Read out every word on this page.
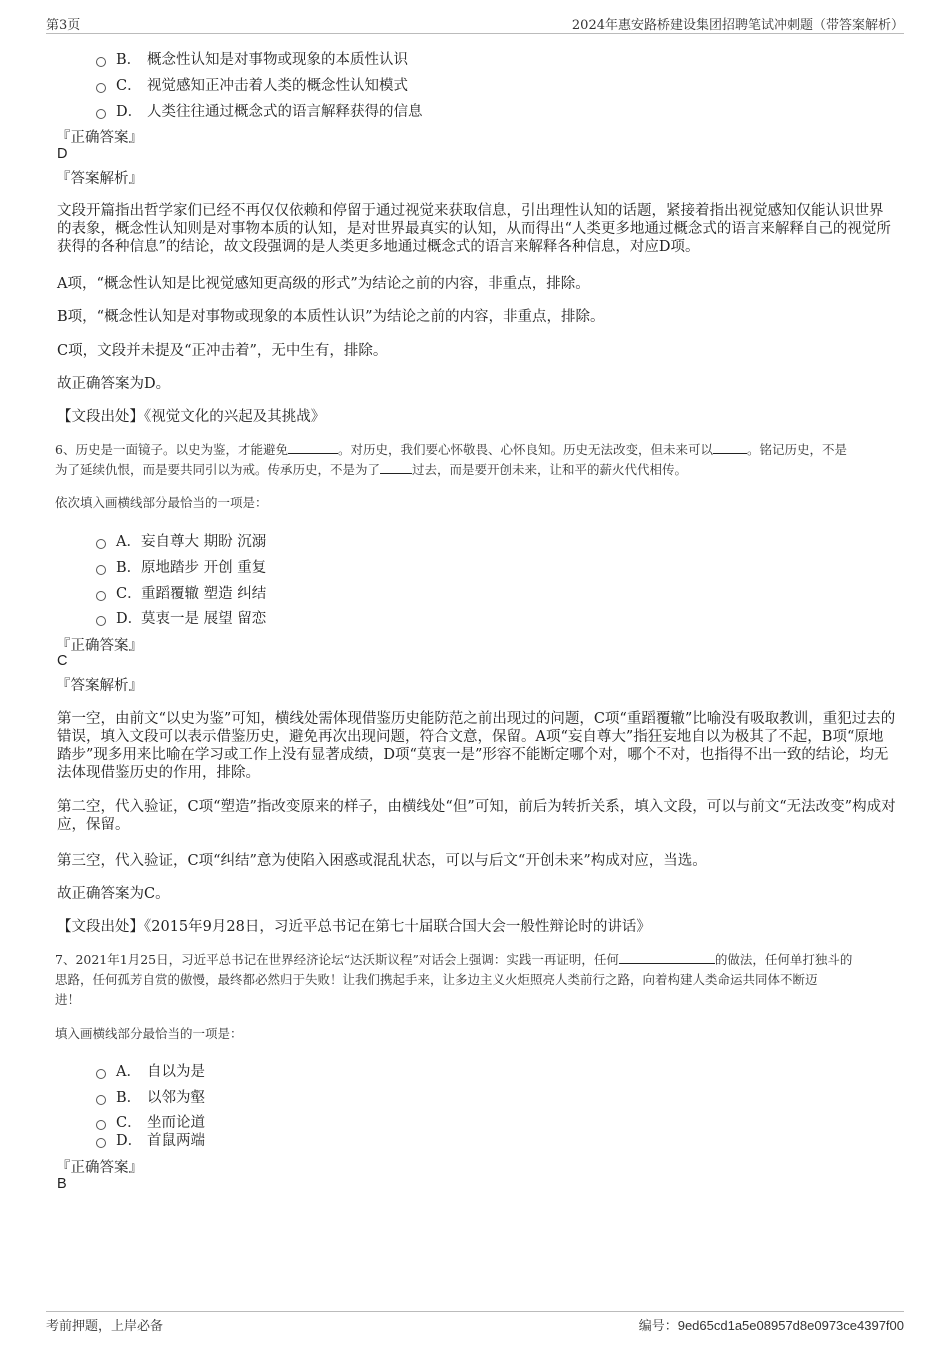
第3页	2024年惠安路桥建设集团招聘笔试冲刺题（带答案解析）
B． 概念性认知是对事物或现象的本质性认识
C． 视觉感知正冲击着人类的概念性认知模式
D． 人类往往通过概念式的语言解释获得的信息
『正确答案』
D
『答案解析』
文段开篇指出哲学家们已经不再仅仅依赖和停留于通过视觉来获取信息，引出理性认知的话题，紧接着指出视觉感知仅能认识世界的表象，概念性认知则是对事物本质的认知，是对世界最真实的认知，从而得出“人类更多地通过概念式的语言来解释自己的视觉所获得的各种信息”的结论，故文段强调的是人类更多地通过概念式的语言来解释各种信息，对应D项。
A项，“概念性认知是比视觉感知更高级的形式”为结论之前的内容，非重点，排除。
B项，“概念性认知是对事物或现象的本质性认识”为结论之前的内容，非重点，排除。
C项，文段并未提及“正冲击着”，无中生有，排除。
故正确答案为D。
【文段出处】《视觉文化的兴起及其挑战》
6、历史是一面镜子。以史为鉴，才能避免	。对历史，我们要心怀敬畏、心怀良知。历史无法改变，但未来可以	。铭记历史，不是
为了延续仇恨，而是要共同引以为戒。传承历史，不是为了	过去，而是要开创未来，让和平的薪火代代相传。
依次填入画横线部分最恰当的一项是：
A． 妄自尊大 期盼 沉溺
B． 原地踏步 开创 重复
C． 重蹈覆辙 塑造 纠结
D．
莫衷一是 展望 留恋
『正确答案』
C
『答案解析』
第一空，由前文“以史为鉴”可知，横线处需体现借鉴历史能防范之前出现过的问题，C项“重蹈覆辙”比喻没有吸取教训，重犯过去的错误，填入文段可以表示借鉴历史，避免再次出现问题，符合文意，保留。A项“妄自尊大”指狂妄地自以为极其了不起，B项“原地踏步”现多用来比喻在学习或工作上没有显著成绩，D项“莫衷一是”形容不能断定哪个对，哪个不对，也指得不出一致的结论，均无法体现借鉴历史的作用，排除。
第二空，代入验证，C项“塑造”指改变原来的样子，由横线处“但”可知，前后为转折关系，填入文段，可以与前文“无法改变”构成对应，保留。
第三空，代入验证，C项“纠结”意为使陷入困惑或混乱状态，可以与后文“开创未来”构成对应，当选。
故正确答案为C。
【文段出处】《2015年9月28日，习近平总书记在第七十届联合国大会一般性辩论时的讲话》
7、2021年1月25日，习近平总书记在世界经济论坛“达沃斯议程”对话会上强调：实践一再证明，任何	的做法，任何单打独斗的
思路，任何孤芳自赏的傲慢，最终都必然归于失败！让我们携起手来，让多边主义火炬照亮人类前行之路，向着构建人类命运共同体不断迈
进！
填入画横线部分最恰当的一项是：
A． 自以为是
B． 以邻为壑
C． 坐而论道
D． 首鼠两端
『正确答案』
B
考前押题，上岸必备	编号：9ed65cd1a5e08957d8e0973ce4397f00
